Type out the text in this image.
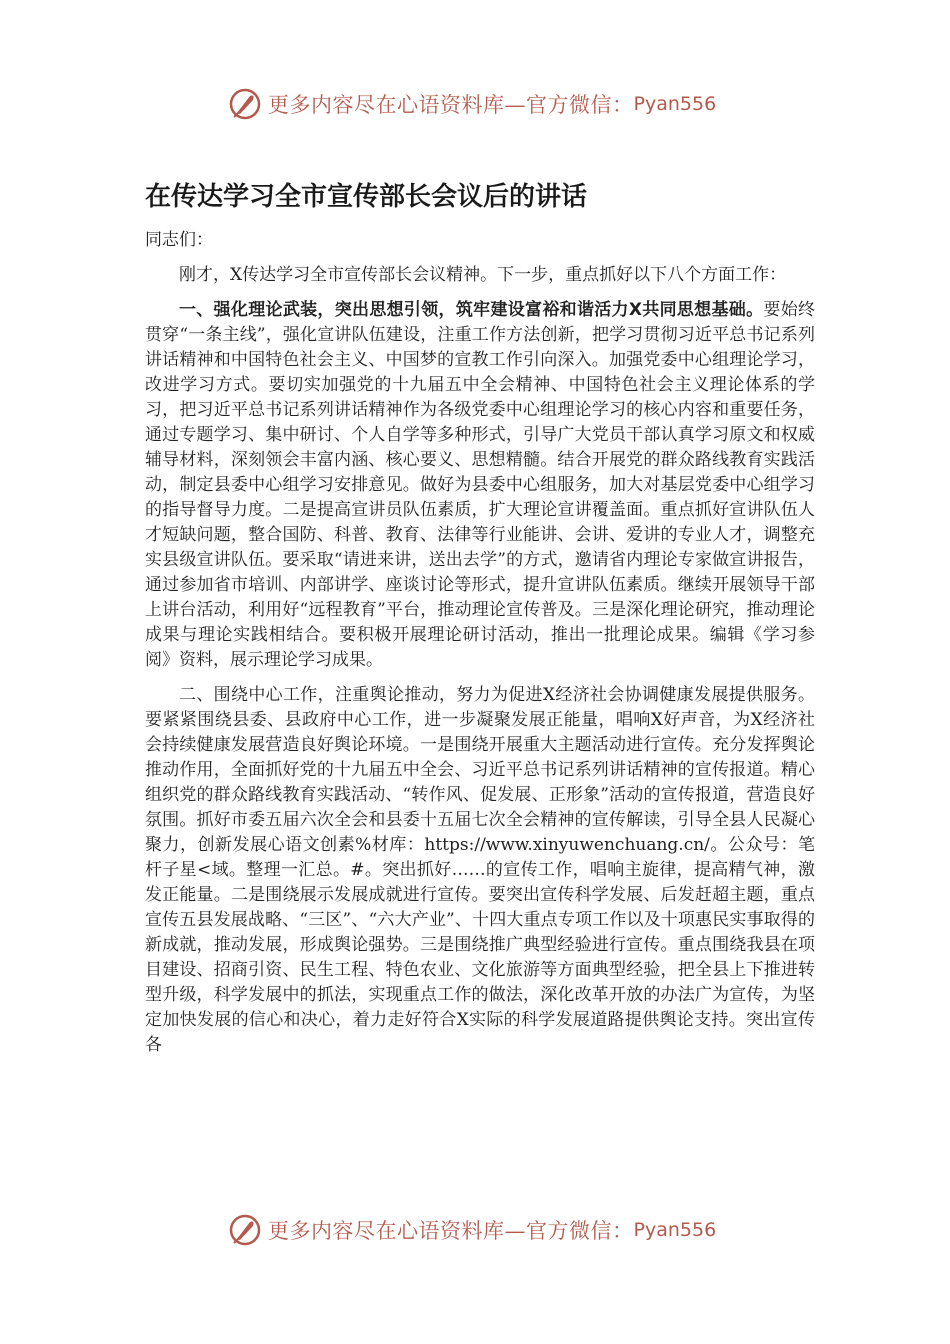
更多内容尽在心语资料库—官方微信： Pyan556
在传达学习全市宣传部长会议后的讲话

同志们：

刚才，X传达学习全市宣传部长会议精神。下一步，重点抓好以下八个方面工作：

一、强化理论武装，突出思想引领，筑牢建设富裕和谐活力X共同思想基础。要始终贯穿“一条主线”，强化宣讲队伍建设，注重工作方法创新，把学习贯彻习近平总书记系列讲话精神和中国特色社会主义、中国梦的宣教工作引向深入。加强党委中心组理论学习，改进学习方式。要切实加强党的十九届五中全会精神、中国特色社会主义理论体系的学习，把习近平总书记系列讲话精神作为各级党委中心组理论学习的核心内容和重要任务，通过专题学习、集中研讨、个人自学等多种形式，引导广大党员干部认真学习原文和权威辅导材料，深刻领会丰富内涵、核心要义、思想精髓。结合开展党的群众路线教育实践活动，制定县委中心组学习安排意见。做好为县委中心组服务，加大对基层党委中心组学习的指导督导力度。二是提高宣讲员队伍素质，扩大理论宣讲覆盖面。重点抓好宣讲队伍人才短缺问题，整合国防、科普、教育、法律等行业能讲、会讲、爱讲的专业人才，调整充实县级宣讲队伍。要采取“请进来讲，送出去学”的方式，邀请省内理论专家做宣讲报告，通过参加省市培训、内部讲学、座谈讨论等形式，提升宣讲队伍素质。继续开展领导干部上讲台活动，利用好“远程教育”平台，推动理论宣传普及。三是深化理论研究，推动理论成果与理论实践相结合。要积极开展理论研讨活动，推出一批理论成果。编辑《学习参阅》资料，展示理论学习成果。

二、围绕中心工作，注重舆论推动，努力为促进X经济社会协调健康发展提供服务。要紧紧围绕县委、县政府中心工作，进一步凝聚发展正能量，唱响X好声音，为X经济社会持续健康发展营造良好舆论环境。一是围绕开展重大主题活动进行宣传。充分发挥舆论推动作用，全面抓好党的十九届五中全会、习近平总书记系列讲话精神的宣传报道。精心组织党的群众路线教育实践活动、“转作风、促发展、正形象”活动的宣传报道，营造良好氛围。抓好市委五届六次全会和县委十五届七次全会精神的宣传解读，引导全县人民凝心聚力，创新发展心语文创素%材库：https://www.xinyuwenchuang.cn/。公众号：笔杆子星<域。整理一汇总。#。突出抓好……的宣传工作，唱响主旋律，提高精气神，激发正能量。二是围绕展示发展成就进行宣传。要突出宣传科学发展、后发赶超主题，重点宣传五县发展战略、“三区”、“六大产业”、十四大重点专项工作以及十项惠民实事取得的新成就，推动发展，形成舆论强势。三是围绕推广典型经验进行宣传。重点围绕我县在项目建设、招商引资、民生工程、特色农业、文化旅游等方面典型经验，把全县上下推进转型升级，科学发展中的抓法，实现重点工作的做法，深化改革开放的办法广为宣传，为坚定加快发展的信心和决心，着力走好符合X实际的科学发展道路提供舆论支持。突出宣传各

更多内容尽在心语资料库—官方微信： Pyan556
